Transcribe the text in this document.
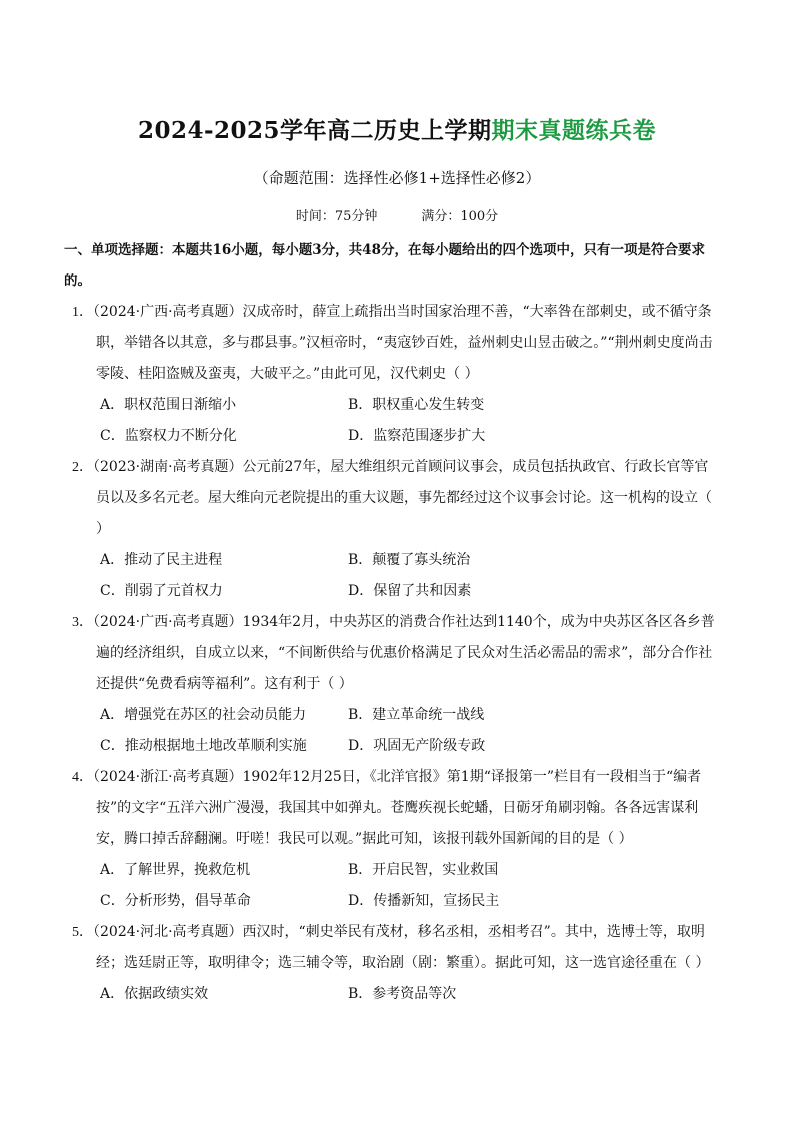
2024-2025学年高二历史上学期期末真题练兵卷
（命题范围：选择性必修1+选择性必修2）
时间：75分钟	满分：100分
一、单项选择题：本题共16小题，每小题3分，共48分，在每小题给出的四个选项中，只有一项是符合要求的。
1．（2024·广西·高考真题）汉成帝时，薛宣上疏指出当时国家治理不善，“大率咎在部刺史，或不循守条职，举错各以其意，多与郡县事。”汉桓帝时，“夷寇钞百姓，益州刺史山昱击破之。”“荆州刺史度尚击零陵、桂阳盗贼及蛮夷，大破平之。”由此可见，汉代刺史（ ）
A．职权范围日渐缩小	B．职权重心发生转变
C．监察权力不断分化	D．监察范围逐步扩大
2．（2023·湖南·高考真题）公元前27年，屋大维组织元首顾问议事会，成员包括执政官、行政长官等官员以及多名元老。屋大维向元老院提出的重大议题，事先都经过这个议事会讨论。这一机构的设立（ ）
A．推动了民主进程	B．颠覆了寡头统治
C．削弱了元首权力	D．保留了共和因素
3．（2024·广西·高考真题）1934年2月，中央苏区的消费合作社达到1140个，成为中央苏区各区各乡普遍的经济组织，自成立以来，“不间断供给与优惠价格满足了民众对生活必需品的需求”，部分合作社还提供“免费看病等福利”。这有利于（ ）
A．增强党在苏区的社会动员能力	B．建立革命统一战线
C．推动根据地土地改革顺利实施	D．巩固无产阶级专政
4．（2024·浙江·高考真题）1902年12月25日，《北洋官报》第1期“译报第一”栏目有一段相当于“编者按”的文字“五洋六洲广漫漫，我国其中如弹丸。苍鹰疾视长蛇蟠，日砺牙角刷羽翰。各各远害谋利安，腾口掉舌辞翻澜。吁嗟！我民可以观。”据此可知，该报刊载外国新闻的目的是（ ）
A．了解世界，挽救危机	B．开启民智，实业救国
C．分析形势，倡导革命	D．传播新知，宣扬民主
5．（2024·河北·高考真题）西汉时，“刺史举民有茂材，移名丞相，丞相考召”。其中，选博士等，取明经；选廷尉正等，取明律令；选三辅令等，取治剧（剧：繁重）。据此可知，这一选官途径重在（ ）
A．依据政绩实效	B．参考资品等次
